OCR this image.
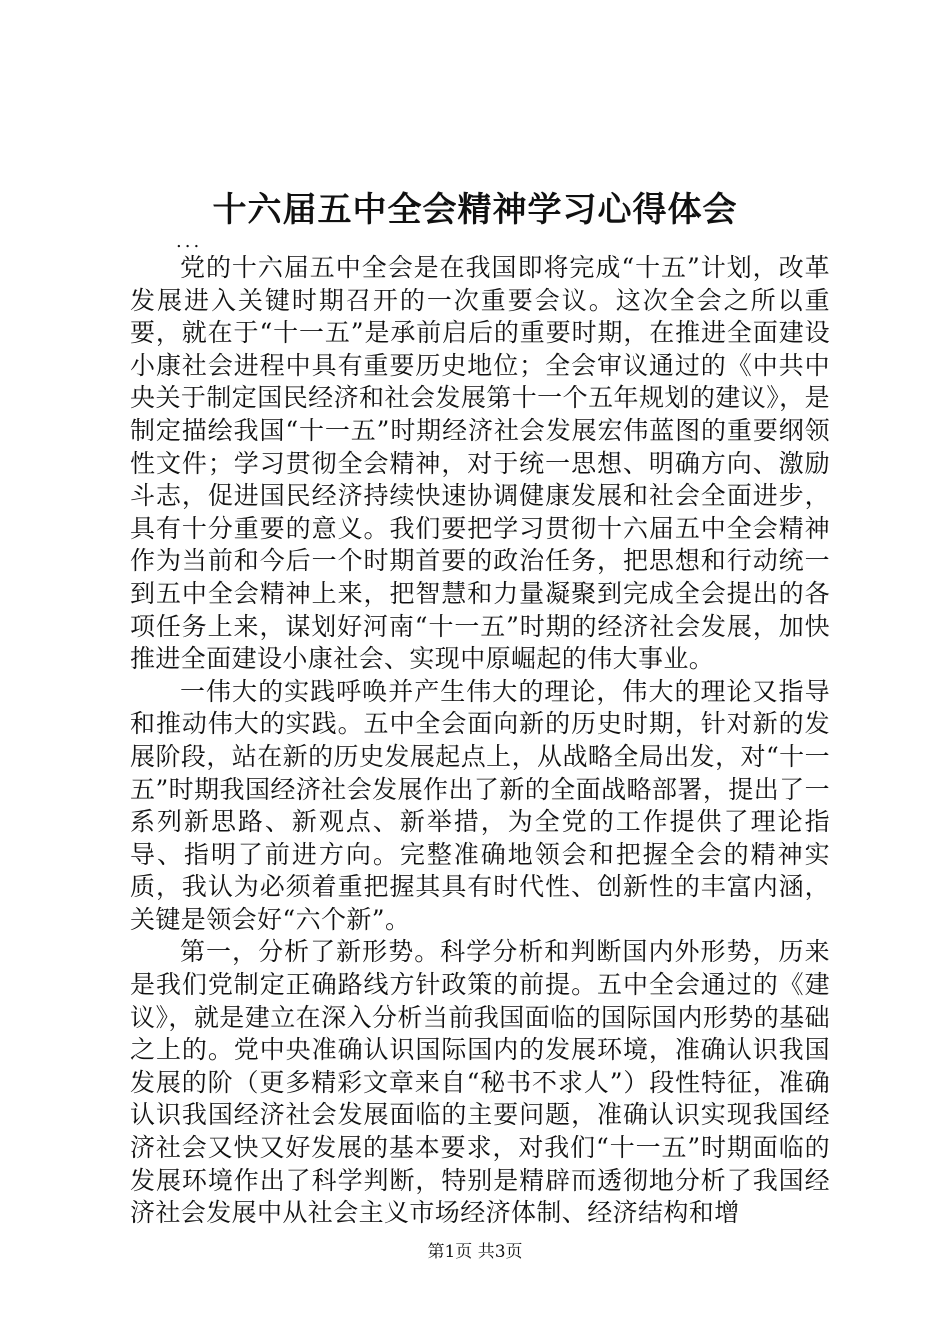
十六届五中全会精神学习心得体会

...

党的十六届五中全会是在我国即将完成“十五”计划，改革发展进入关键时期召开的一次重要会议。这次全会之所以重要，就在于“十一五”是承前启后的重要时期，在推进全面建设小康社会进程中具有重要历史地位；全会审议通过的《中共中央关于制定国民经济和社会发展第十一个五年规划的建议》，是制定描绘我国“十一五”时期经济社会发展宏伟蓝图的重要纲领性文件；学习贯彻全会精神，对于统一思想、明确方向、激励斗志，促进国民经济持续快速协调健康发展和社会全面进步，具有十分重要的意义。我们要把学习贯彻十六届五中全会精神作为当前和今后一个时期首要的政治任务，把思想和行动统一到五中全会精神上来，把智慧和力量凝聚到完成全会提出的各项任务上来，谋划好河南“十一五”时期的经济社会发展，加快推进全面建设小康社会、实现中原崛起的伟大事业。

一伟大的实践呼唤并产生伟大的理论，伟大的理论又指导和推动伟大的实践。五中全会面向新的历史时期，针对新的发展阶段，站在新的历史发展起点上，从战略全局出发，对“十一五”时期我国经济社会发展作出了新的全面战略部署，提出了一系列新思路、新观点、新举措，为全党的工作提供了理论指导、指明了前进方向。完整准确地领会和把握全会的精神实质，我认为必须着重把握其具有时代性、创新性的丰富内涵，关键是领会好“六个新”。

第一，分析了新形势。科学分析和判断国内外形势，历来是我们党制定正确路线方针政策的前提。五中全会通过的《建议》，就是建立在深入分析当前我国面临的国际国内形势的基础之上的。党中央准确认识国际国内的发展环境，准确认识我国发展的阶（更多精彩文章来自“秘书不求人”）段性特征，准确认识我国经济社会发展面临的主要问题，准确认识实现我国经济社会又快又好发展的基本要求，对我们“十一五”时期面临的发展环境作出了科学判断，特别是精辟而透彻地分析了我国经济社会发展中从社会主义市场经济体制、经济结构和增

第1页 共3页
